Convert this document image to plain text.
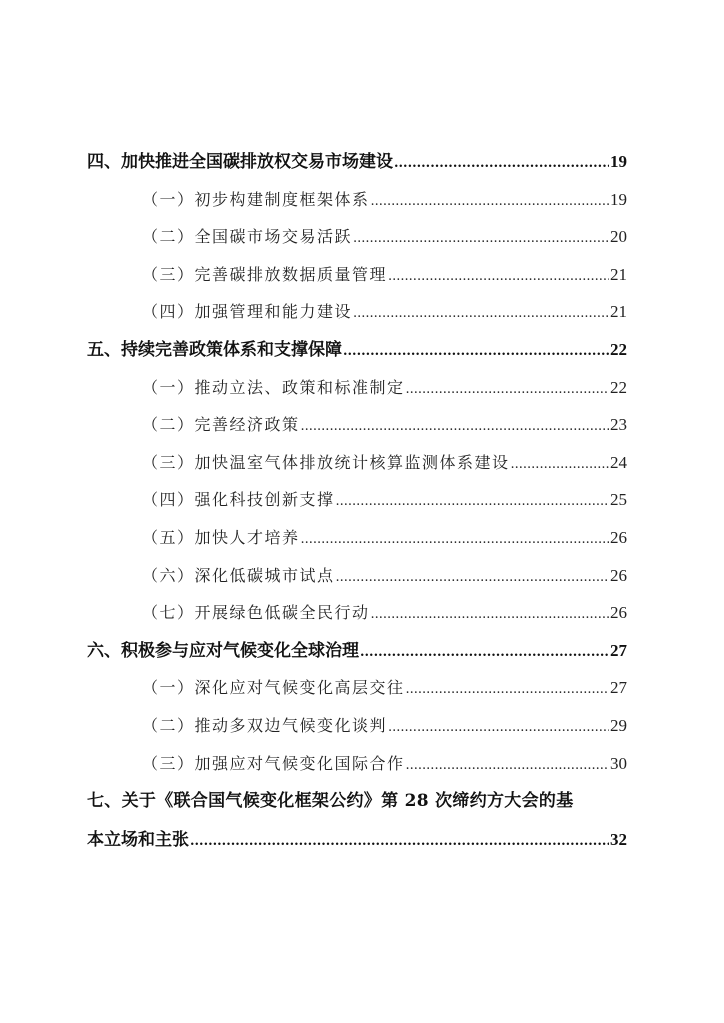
四、加快推进全国碳排放权交易市场建设 .....	19
（一）初步构建制度框架体系 .....	19
（二）全国碳市场交易活跃 .....	20
（三）完善碳排放数据质量管理 .....	21
（四）加强管理和能力建设 .....	21
五、持续完善政策体系和支撑保障 .....	22
（一）推动立法、政策和标准制定 .....	22
（二）完善经济政策 .....	23
（三）加快温室气体排放统计核算监测体系建设 .....	24
（四）强化科技创新支撑 .....	25
（五）加快人才培养 .....	26
（六）深化低碳城市试点 .....	26
（七）开展绿色低碳全民行动 .....	26
六、积极参与应对气候变化全球治理 .....	27
（一）深化应对气候变化高层交往 .....	27
（二）推动多双边气候变化谈判 .....	29
（三）加强应对气候变化国际合作 .....	30
七、关于《联合国气候变化框架公约》第 28 次缔约方大会的基
本立场和主张 .....	32
